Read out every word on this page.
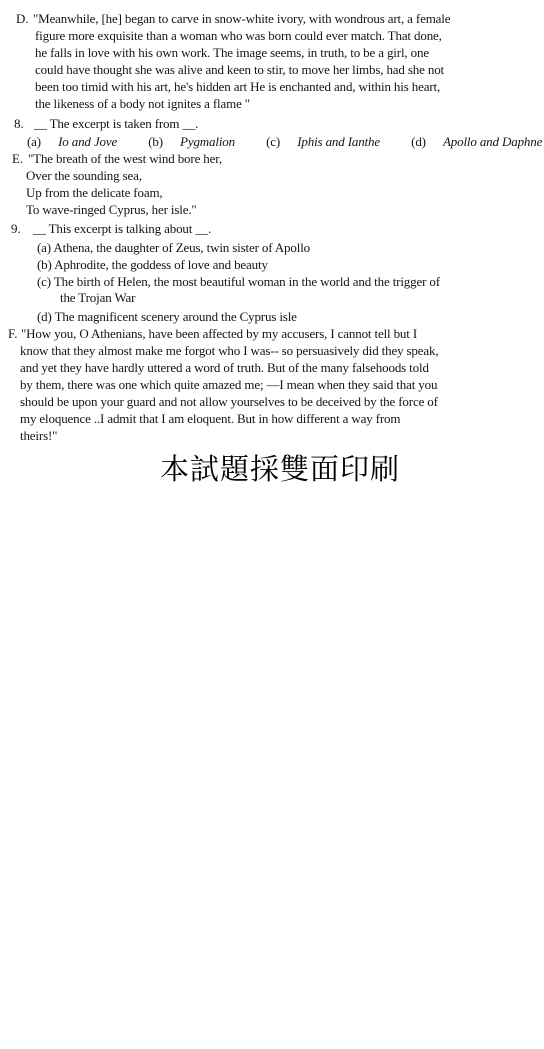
D. "Meanwhile, [he] began to carve in snow-white ivory, with wondrous art, a female
figure more exquisite than a woman who was born could ever match. That done,
he falls in love with his own work. The image seems, in truth, to be a girl, one
could have thought she was alive and keen to stir, to move her limbs, had she not
been too timid with his art, he's hidden art He is enchanted and, within his heart,
the likeness of a body not ignites a flame "
8. __ The excerpt is taken from __.
(a) Io and Jove (b) Pygmalion (c) Iphis and Ianthe (d) Apollo and Daphne
E. "The breath of the west wind bore her,
Over the sounding sea,
Up from the delicate foam,
To wave-ringed Cyprus, her isle."
9. __ This excerpt is talking about __.
(a) Athena, the daughter of Zeus, twin sister of Apollo
(b) Aphrodite, the goddess of love and beauty
(c) The birth of Helen, the most beautiful woman in the world and the trigger of
the Trojan War
(d) The magnificent scenery around the Cyprus isle
F. "How you, O Athenians, have been affected by my accusers, I cannot tell but I
know that they almost make me forgot who I was-- so persuasively did they speak,
and yet they have hardly uttered a word of truth. But of the many falsehoods told
by them, there was one which quite amazed me; —I mean when they said that you
should be upon your guard and not allow yourselves to be deceived by the force of
my eloquence ..I admit that I am eloquent. But in how different a way from
theirs!"
本試題採雙面印刷
